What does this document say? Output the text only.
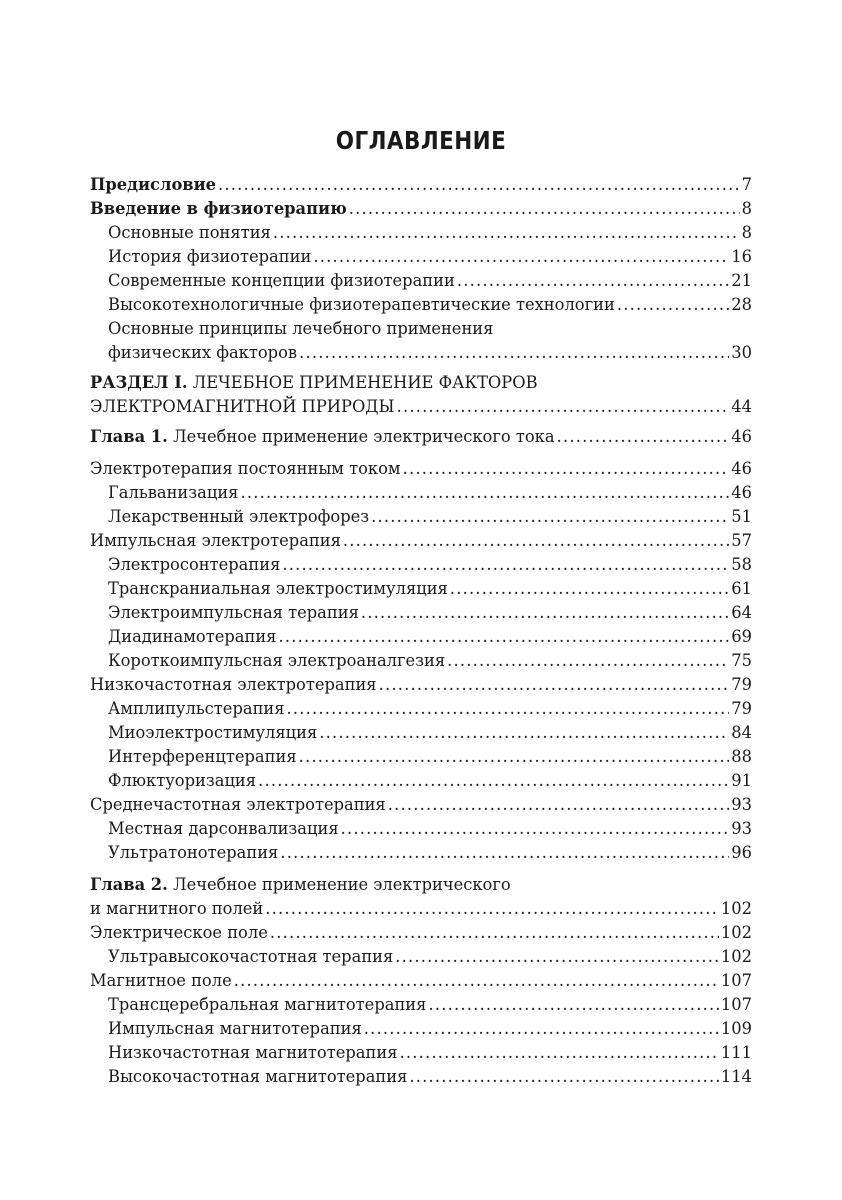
ОГЛАВЛЕНИЕ
Предисловие .....	7
Введение в физиотерапию .....	8
Основные понятия .....	8
История физиотерапии .....	16
Современные концепции физиотерапии .....	21
Высокотехнологичные физиотерапевтические технологии .....	28
Основные принципы лечебного применения
физических факторов .....	30
РАЗДЕЛ I. ЛЕЧЕБНОЕ ПРИМЕНЕНИЕ ФАКТОРОВ
ЭЛЕКТРОМАГНИТНОЙ ПРИРОДЫ .....	44
Глава 1. Лечебное применение электрического тока .....	46
Электротерапия постоянным током .....	46
Гальванизация .....	46
Лекарственный электрофорез .....	51
Импульсная электротерапия .....	57
Электросонтерапия .....	58
Транскраниальная электростимуляция .....	61
Электроимпульсная терапия .....	64
Диадинамотерапия .....	69
Короткоимпульсная электроаналгезия .....	75
Низкочастотная электротерапия .....	79
Амплипульстерапия .....	79
Миоэлектростимуляция .....	84
Интерференцтерапия .....	88
Флюктуоризация .....	91
Среднечастотная электротерапия .....	93
Местная дарсонвализация .....	93
Ультратонотерапия .....	96
Глава 2. Лечебное применение электрического
и магнитного полей .....	102
Электрическое поле .....	102
Ультравысокочастотная терапия .....	102
Магнитное поле .....	107
Трансцеребральная магнитотерапия .....	107
Импульсная магнитотерапия .....	109
Низкочастотная магнитотерапия .....	111
Высокочастотная магнитотерапия .....	114
